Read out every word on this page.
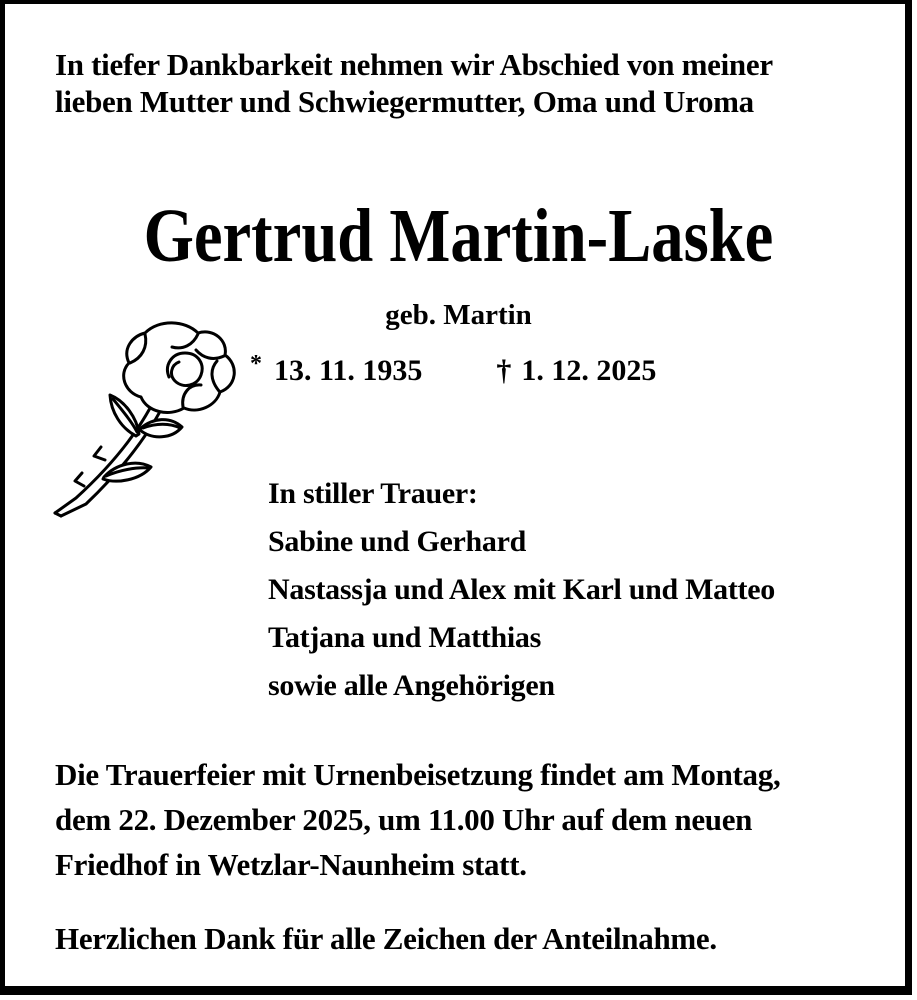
In tiefer Dankbarkeit nehmen wir Abschied von meiner
lieben Mutter und Schwiegermutter, Oma und Uroma
Gertrud Martin-Laske
geb. Martin
* 13. 11. 1935 † 1. 12. 2025
In stiller Trauer:
Sabine und Gerhard
Nastassja und Alex mit Karl und Matteo
Tatjana und Matthias
sowie alle Angehörigen
Die Trauerfeier mit Urnenbeisetzung findet am Montag,
dem 22. Dezember 2025, um 11.00 Uhr auf dem neuen
Friedhof in Wetzlar-Naunheim statt.
Herzlichen Dank für alle Zeichen der Anteilnahme.
